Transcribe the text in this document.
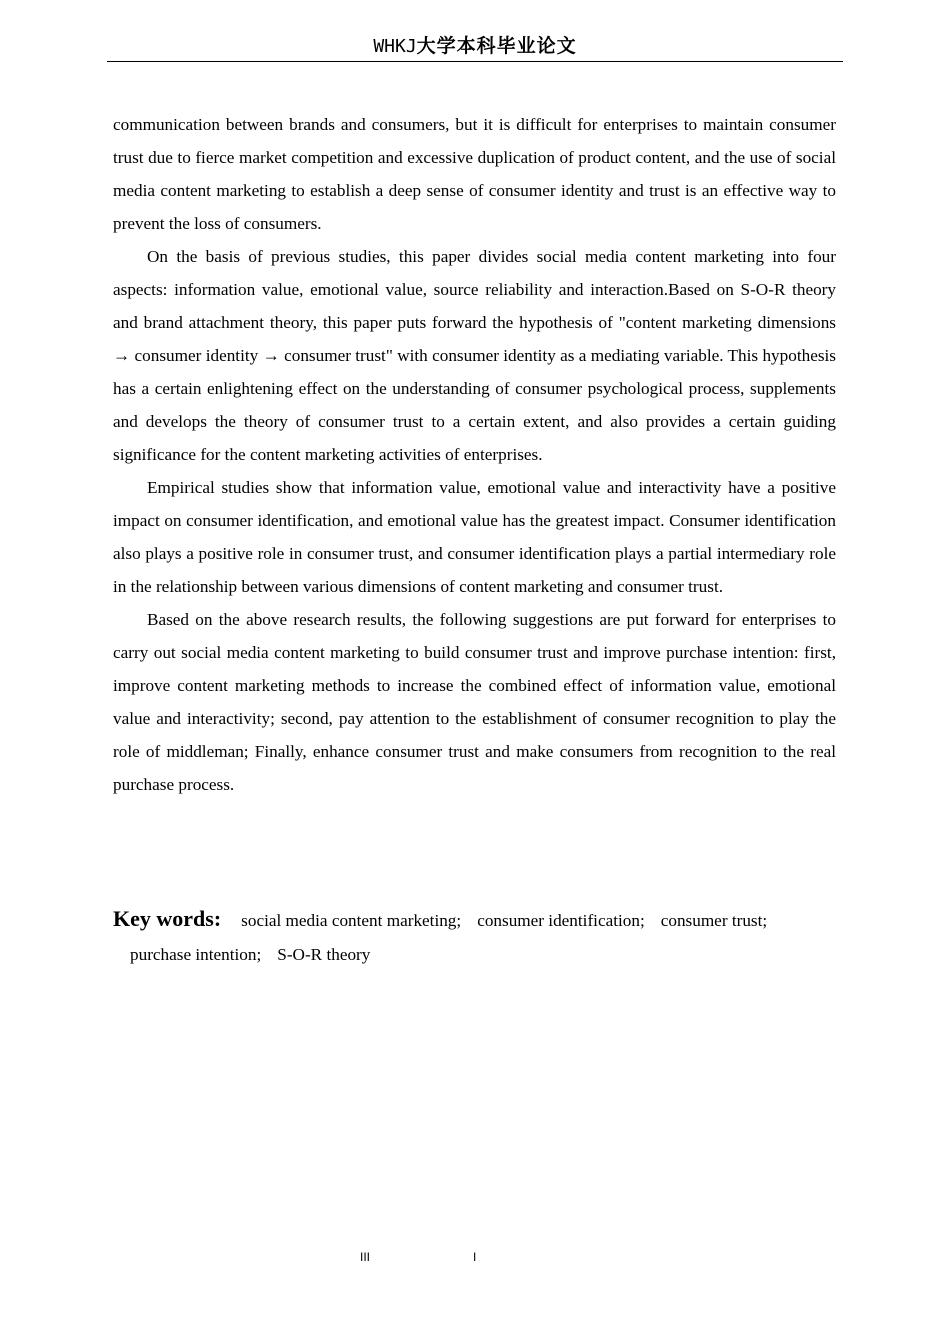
WHKJ大学本科毕业论文

communication between brands and consumers, but it is difficult for enterprises to maintain consumer trust due to fierce market competition and excessive duplication of product content, and the use of social media content marketing to establish a deep sense of consumer identity and trust is an effective way to prevent the loss of consumers.

On the basis of previous studies, this paper divides social media content marketing into four aspects: information value, emotional value, source reliability and interaction.Based on S-O-R theory and brand attachment theory, this paper puts forward the hypothesis of "content marketing dimensions → consumer identity → consumer trust" with consumer identity as a mediating variable. This hypothesis has a certain enlightening effect on the understanding of consumer psychological process, supplements and develops the theory of consumer trust to a certain extent, and also provides a certain guiding significance for the content marketing activities of enterprises.

Empirical studies show that information value, emotional value and interactivity have a positive impact on consumer identification, and emotional value has the greatest impact. Consumer identification also plays a positive role in consumer trust, and consumer identification plays a partial intermediary role in the relationship between various dimensions of content marketing and consumer trust.

Based on the above research results, the following suggestions are put forward for enterprises to carry out social media content marketing to build consumer trust and improve purchase intention: first, improve content marketing methods to increase the combined effect of information value, emotional value and interactivity; second, pay attention to the establishment of consumer recognition to play the role of middleman; Finally, enhance consumer trust and make consumers from recognition to the real purchase process.

Key words: social media content marketing; consumer identification; consumer trust;
purchase intention; S-O-R theory
III	I
